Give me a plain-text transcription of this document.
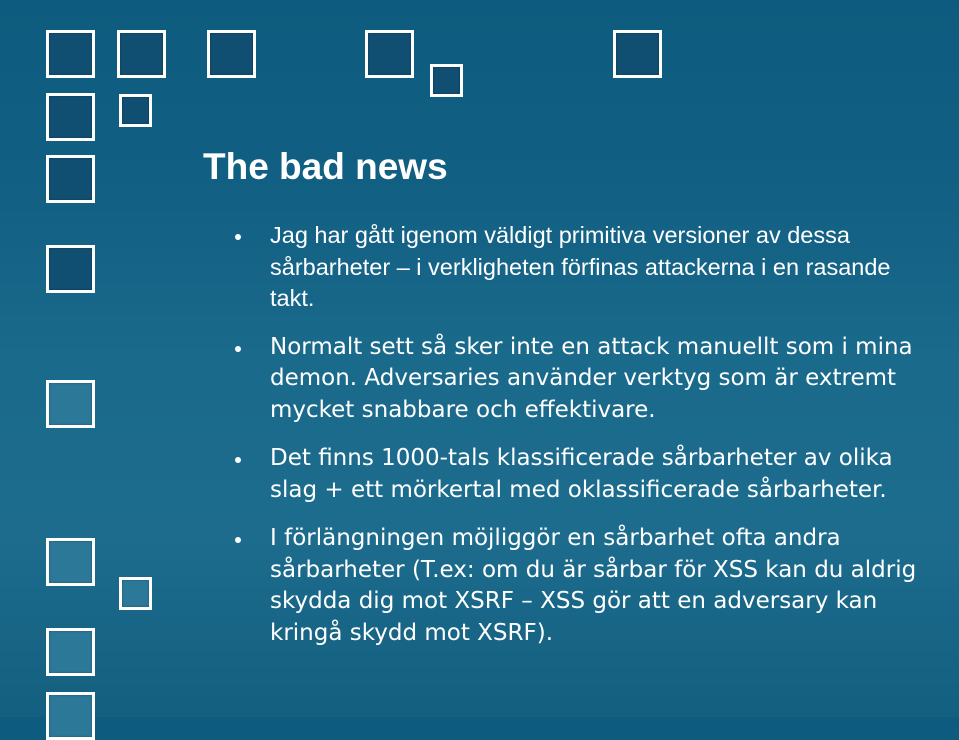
The bad news
Jag har gått igenom väldigt primitiva versioner av dessa sårbarheter – i verkligheten förfinas attackerna i en rasande takt.
Normalt sett så sker inte en attack manuellt som i mina demon. Adversaries använder verktyg som är extremt mycket snabbare och effektivare.
Det finns 1000-tals klassificerade sårbarheter av olika slag + ett mörkertal med oklassificerade sårbarheter.
I förlängningen möjliggör en sårbarhet ofta andra sårbarheter (T.ex: om du är sårbar för XSS kan du aldrig skydda dig mot XSRF – XSS gör att en adversary kan kringå skydd mot XSRF).
